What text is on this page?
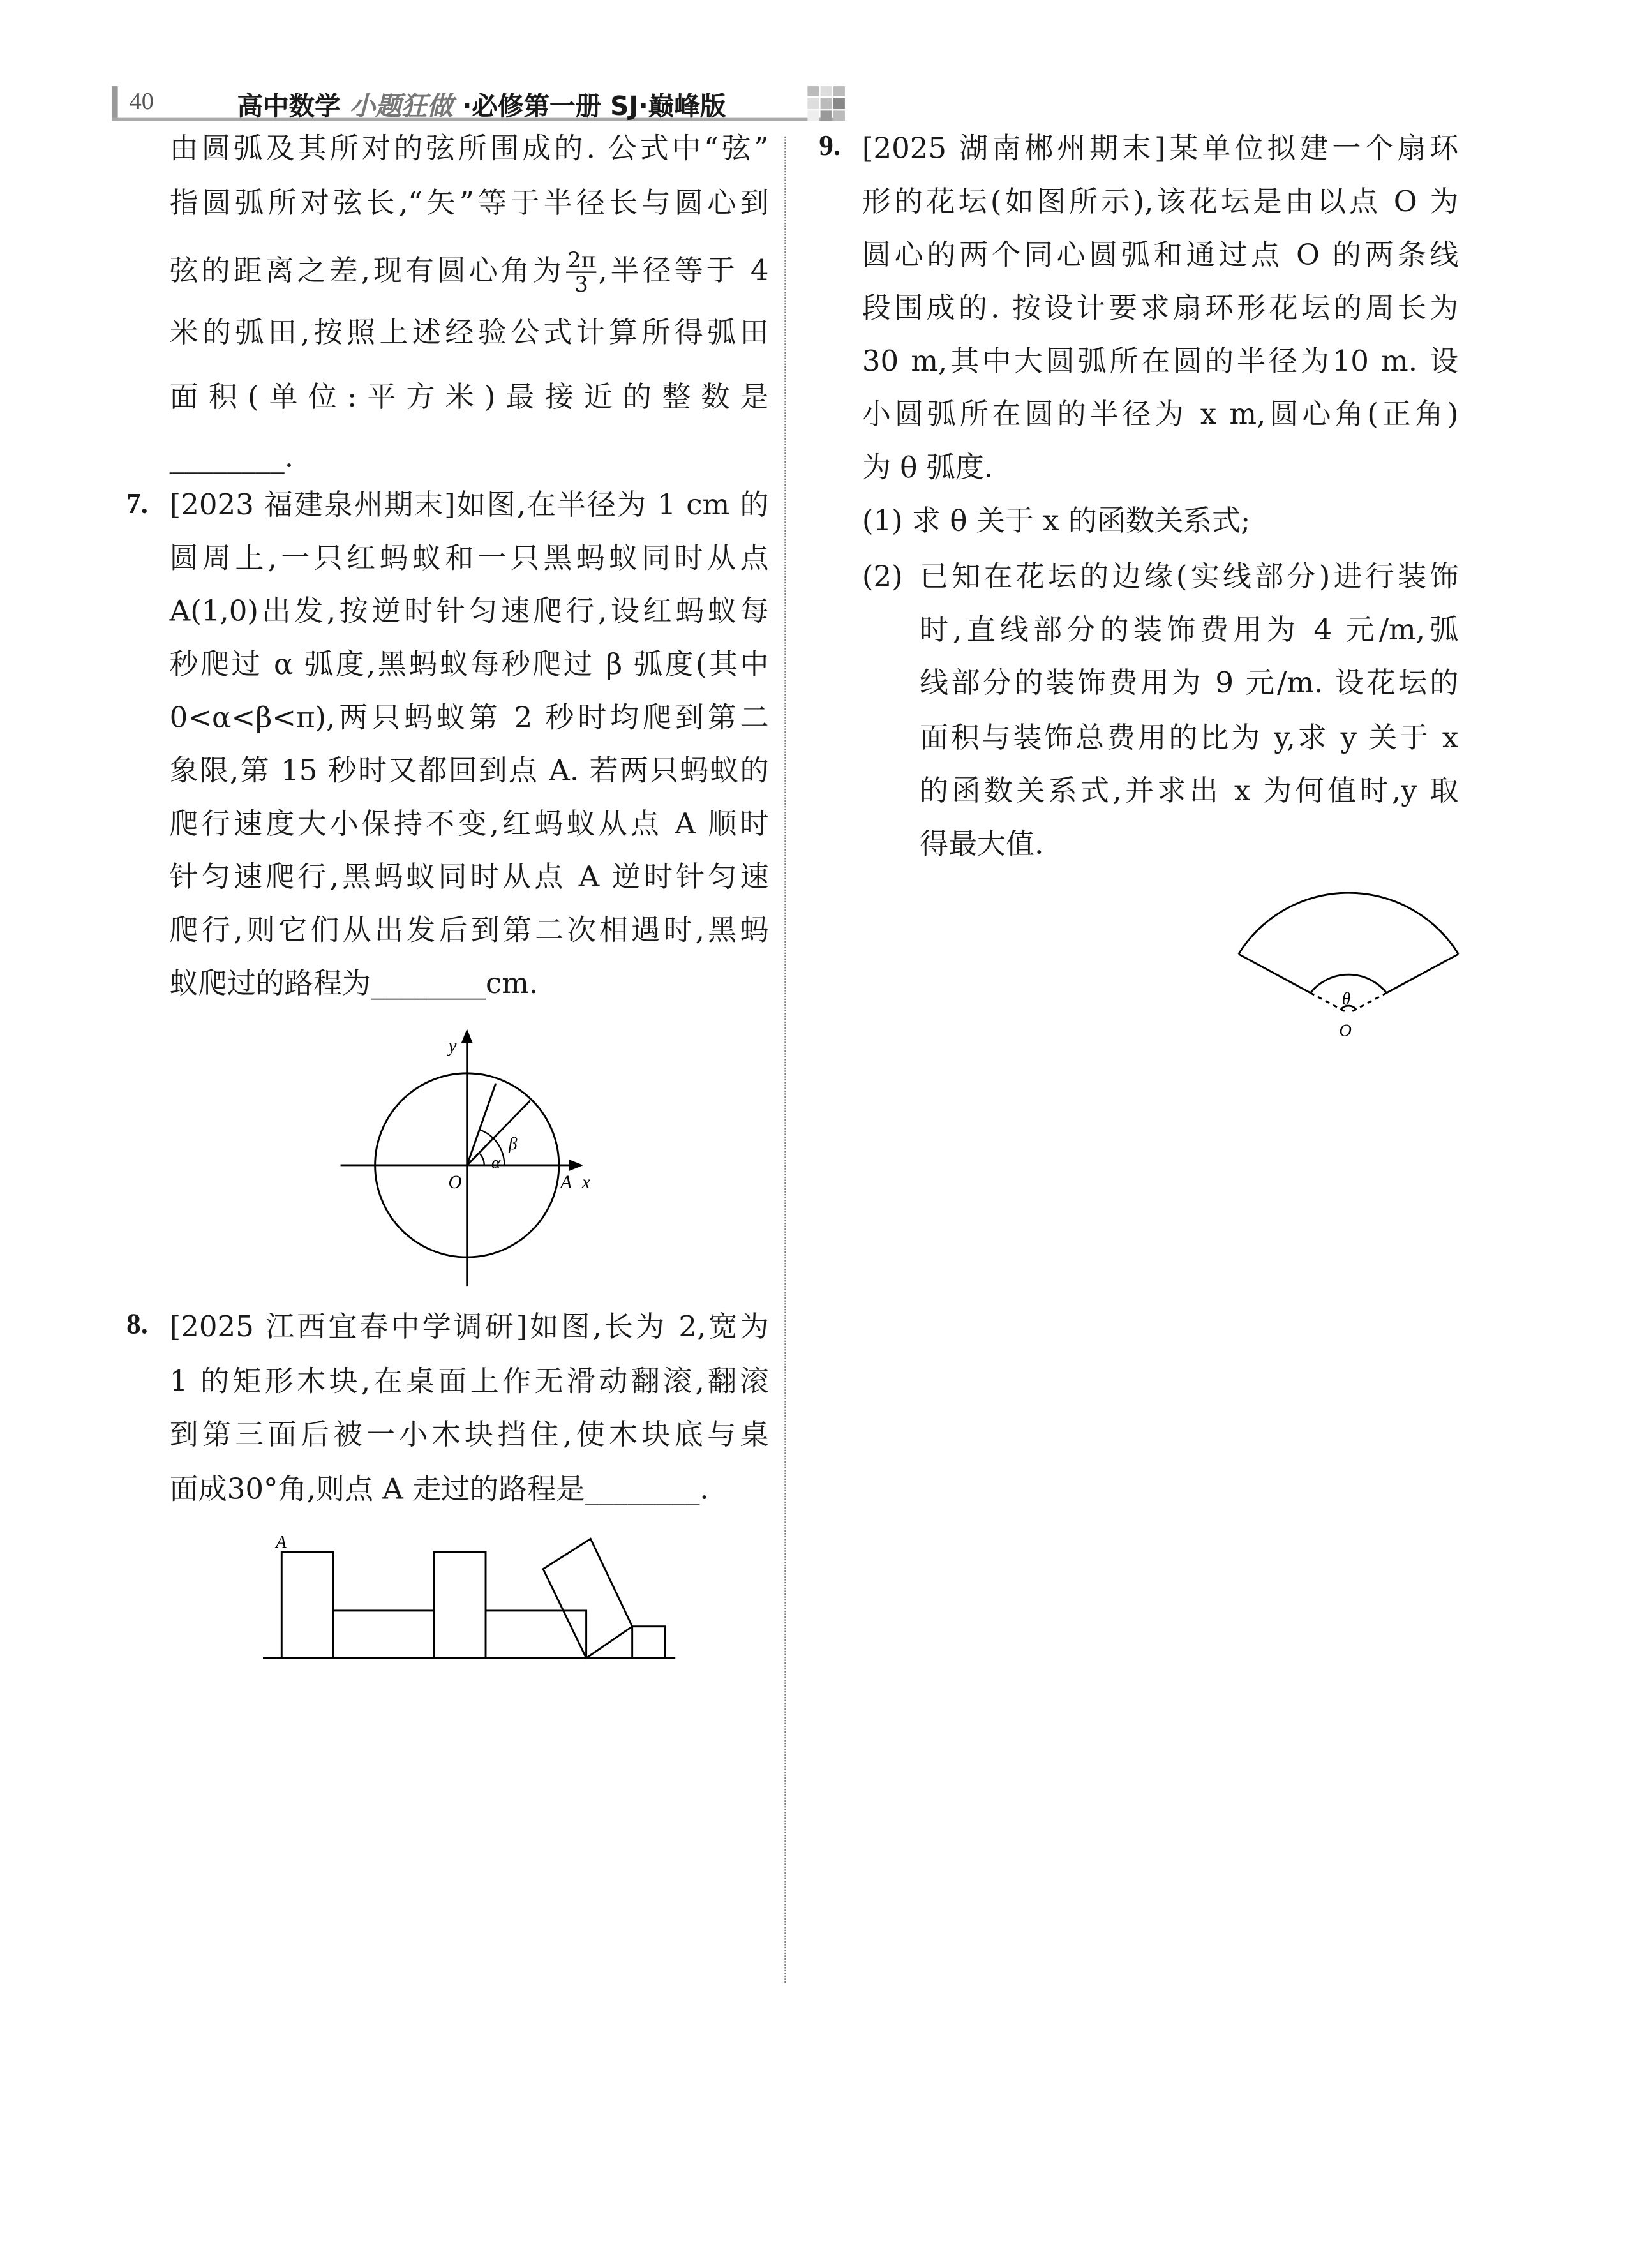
40	高中数学 小题狂做 ·必修第一册 SJ·巅峰版
由圆弧及其所对的弦所围成的. 公式中“弦”
指圆弧所对弦长,“矢”等于半径长与圆心到
弦的距离之差,现有圆心角为 $\frac{2\pi}{3}$ ,半径等于 4
米的弧田,按照上述经验公式计算所得弧田
面积(单位:平方米)最接近的整数是
________.
7. [2023 福建泉州期末]如图,在半径为 1 cm 的
圆周上,一只红蚂蚁和一只黑蚂蚁同时从点
A(1,0)出发,按逆时针匀速爬行,设红蚂蚁每
秒爬过 α 弧度,黑蚂蚁每秒爬过 β 弧度(其中
0<α<β<π),两只蚂蚁第 2 秒时均爬到第二
象限,第 15 秒时又都回到点 A. 若两只蚂蚁的
爬行速度大小保持不变,红蚂蚁从点 A 顺时
针匀速爬行,黑蚂蚁同时从点 A 逆时针匀速
爬行,则它们从出发后到第二次相遇时,黑蚂
蚁爬过的路程为________cm.
α
β
O	A x
y
8. [2025 江西宜春中学调研]如图,长为 2,宽为
1 的矩形木块,在桌面上作无滑动翻滚,翻滚
到第三面后被一小木块挡住,使木块底与桌
面成30°角,则点 A 走过的路程是________.
A
9. [2025 湖南郴州期末]某单位拟建一个扇环
形的花坛(如图所示),该花坛是由以点 O 为
圆心的两个同心圆弧和通过点 O 的两条线
段围成的. 按设计要求扇环形花坛的周长为
30 m,其中大圆弧所在圆的半径为10 m. 设
小圆弧所在圆的半径为 x m,圆心角(正角)
为 θ 弧度.
(1) 求 θ 关于 x 的函数关系式;
(2) 已知在花坛的边缘(实线部分)进行装饰
时,直线部分的装饰费用为 4 元/m,弧
线部分的装饰费用为 9 元/m. 设花坛的
面积与装饰总费用的比为 y,求 y 关于 x
的函数关系式,并求出 x 为何值时,y 取
得最大值.
θ
O
